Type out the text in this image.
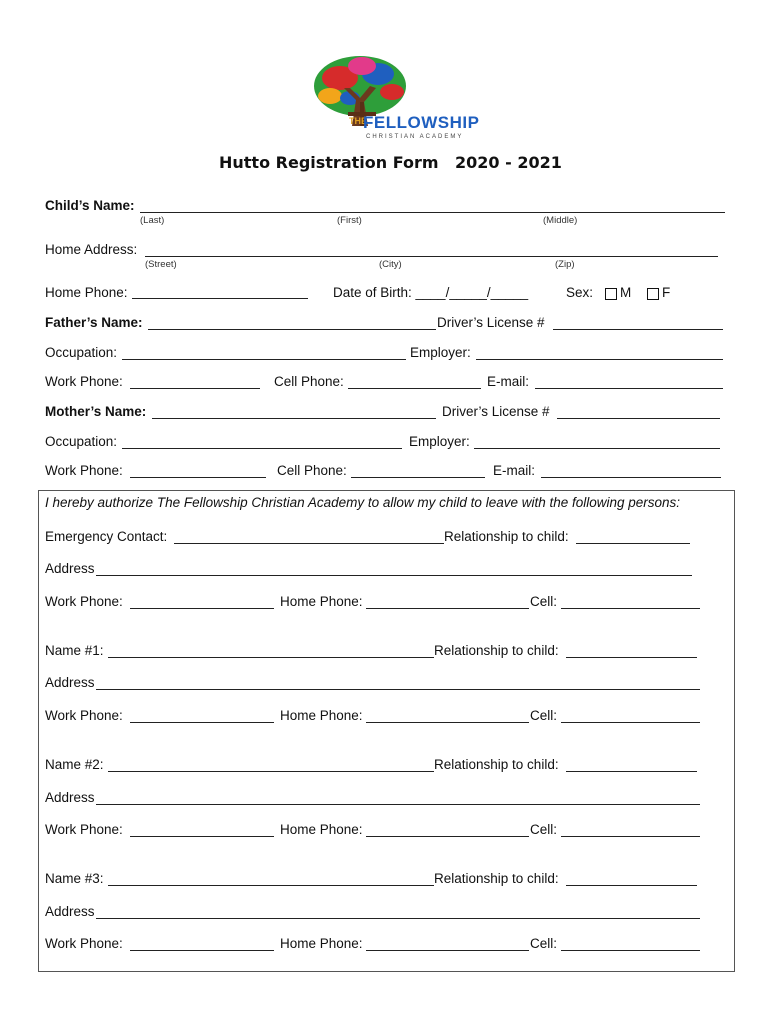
THE
FELLOWSHIP
CHRISTIAN ACADEMY
Hutto Registration Form 2020 - 2021
Child’s Name:
(Last)	(First)	(Middle)
Home Address:
(Street)	(City)	(Zip)
Home Phone:	Date of Birth: ____/_____/_____	Sex: M F
Father’s Name:	Driver’s License #
Occupation:	Employer:
Work Phone:	Cell Phone:	E-mail:
Mother’s Name:	Driver’s License #
Occupation:	Employer:
Work Phone:	Cell Phone:	E-mail:
I hereby authorize The Fellowship Christian Academy to allow my child to leave with the following persons:
Emergency Contact:	Relationship to child:
Address
Work Phone:	Home Phone:	Cell:
Name #1:	Relationship to child:
Address
Work Phone:	Home Phone:	Cell:
Name #2:	Relationship to child:
Address
Work Phone:	Home Phone:	Cell:
Name #3:	Relationship to child:
Address
Work Phone:	Home Phone:	Cell:
